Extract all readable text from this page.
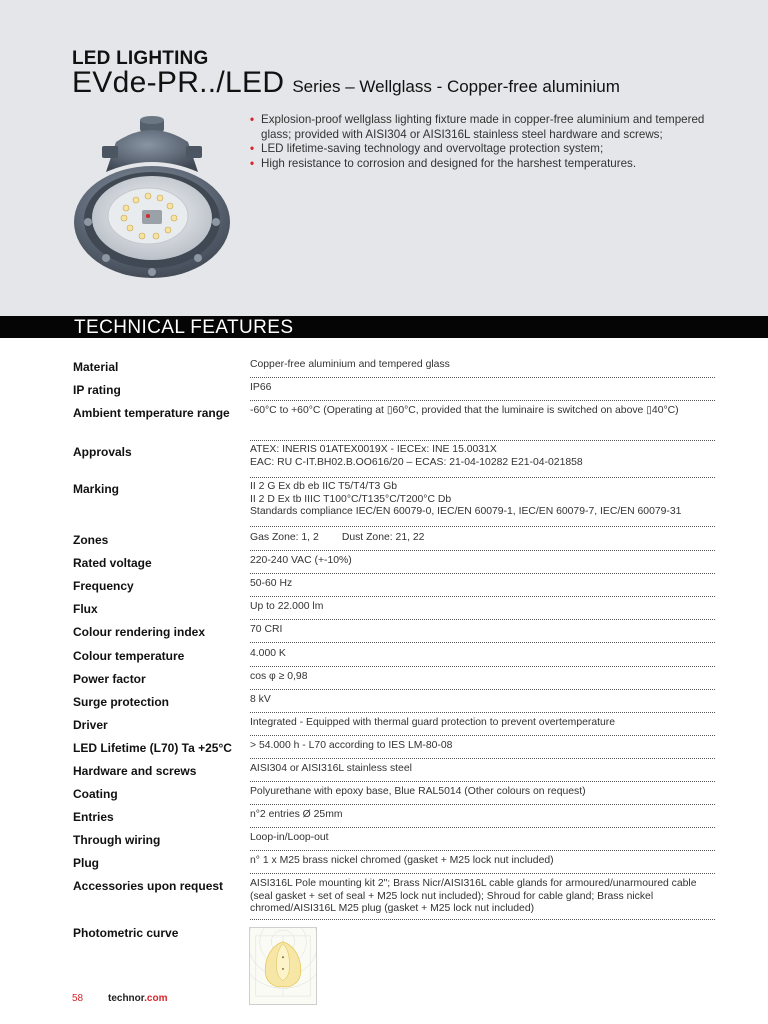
LED LIGHTING
EVde-PR../LED Series – Wellglass - Copper-free aluminium
• Explosion-proof wellglass lighting fixture made in copper-free aluminium and tempered glass; provided with AISI304 or AISI316L stainless steel hardware and screws;
• LED lifetime-saving technology and overvoltage protection system;
• High resistance to corrosion and designed for the harshest temperatures.
TECHNICAL FEATURES
Material	Copper-free aluminium and tempered glass
IP rating	IP66
Ambient temperature range	-60°C to +60°C (Operating at ▯60°C, provided that the luminaire is switched on above ▯40°C)
Approvals	ATEX: INERIS 01ATEX0019X - IECEx: INE 15.0031X
EAC: RU C-IT.BH02.B.OO616/20 – ECAS: 21-04-10282 E21-04-021858
Marking	II 2 G Ex db eb IIC T5/T4/T3 Gb
II 2 D Ex tb IIIC T100°C/T135°C/T200°C Db
Standards compliance IEC/EN 60079-0, IEC/EN 60079-1, IEC/EN 60079-7, IEC/EN 60079-31
Zones	Gas Zone: 1, 2        Dust Zone: 21, 22
Rated voltage	220-240 VAC (+-10%)
Frequency	50-60 Hz
Flux	Up to 22.000 lm
Colour rendering index	70 CRI
Colour temperature	4.000 K
Power factor	cos φ ≥ 0,98
Surge protection	8 kV
Driver	Integrated - Equipped with thermal guard protection to prevent overtemperature
LED Lifetime (L70) Ta +25°C	> 54.000 h - L70 according to IES LM-80-08
Hardware and screws	AISI304 or AISI316L stainless steel
Coating	Polyurethane with epoxy base, Blue RAL5014 (Other colours on request)
Entries	n°2 entries Ø 25mm
Through wiring	Loop-in/Loop-out
Plug	n° 1 x M25 brass nickel chromed (gasket + M25 lock nut included)
Accessories upon request	AISI316L Pole mounting kit 2"; Brass Nicr/AISI316L cable glands for armoured/unarmoured cable (seal gasket + set of seal + M25 lock nut included); Shroud for cable gland; Brass nickel chromed/AISI316L M25 plug (gasket + M25 lock nut included)
Photometric curve
58 technor.com
